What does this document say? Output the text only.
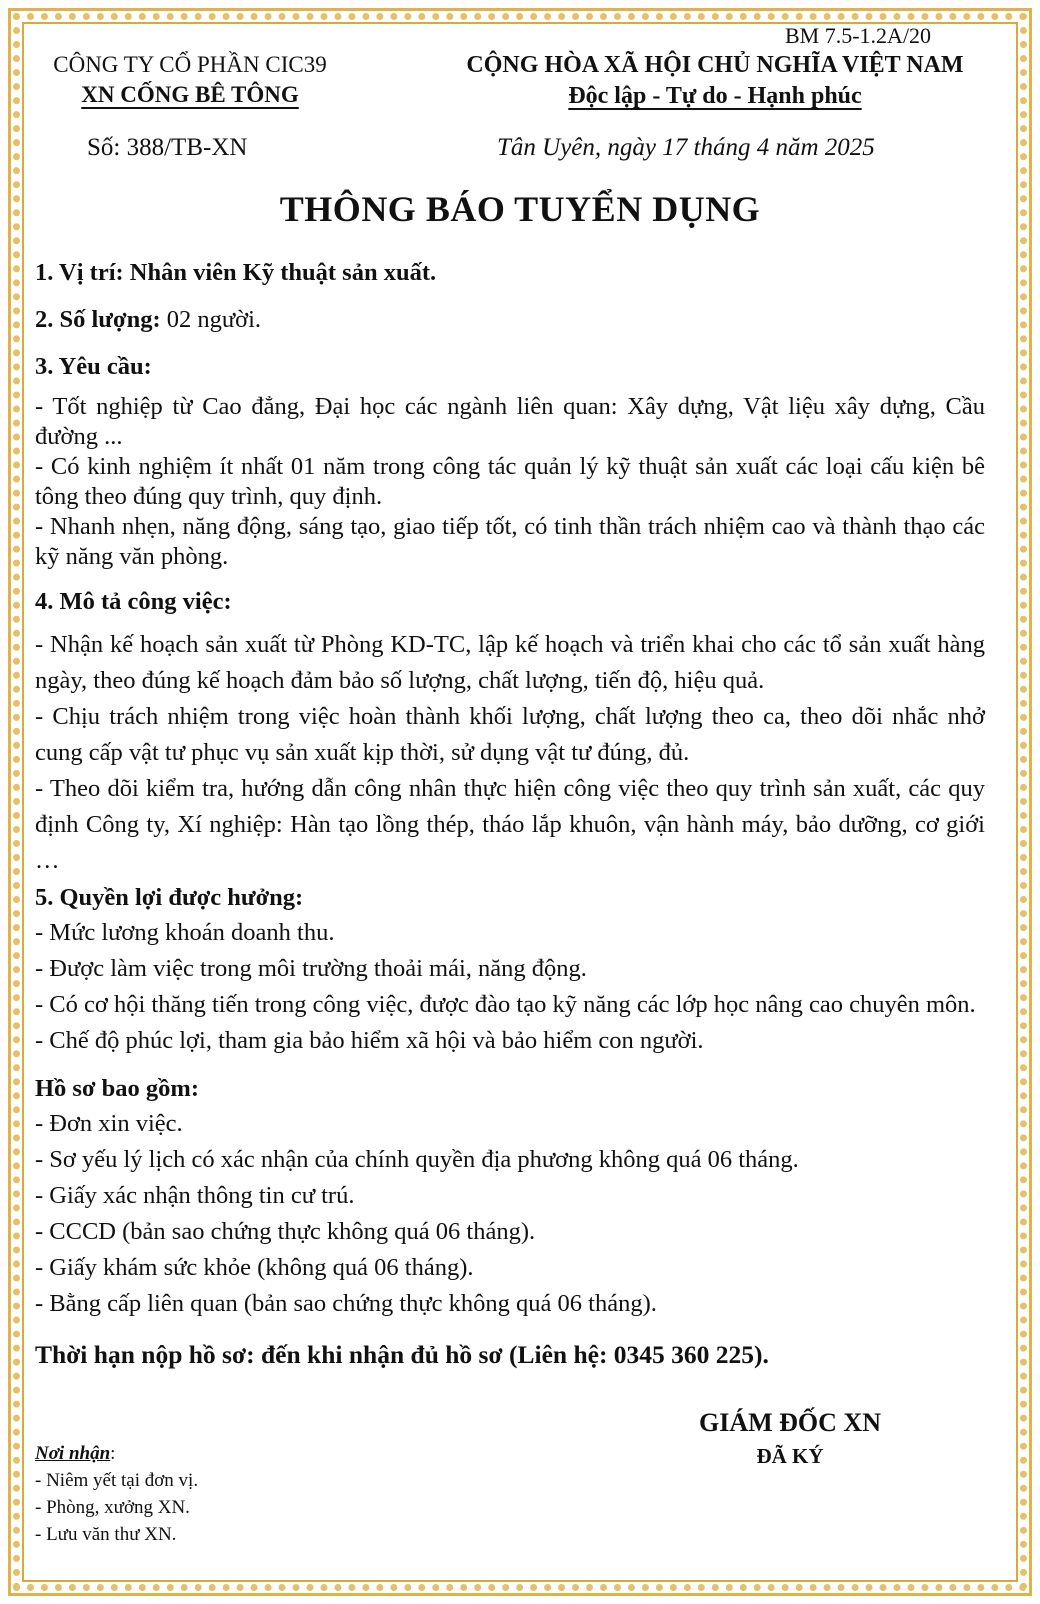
BM 7.5-1.2A/20
CÔNG TY CỔ PHẦN CIC39
XN CỐNG BÊ TÔNG
CỘNG HÒA XÃ HỘI CHỦ NGHĨA VIỆT NAM
Độc lập - Tự do - Hạnh phúc
Số: 388/TB-XN	Tân Uyên, ngày 17 tháng 4 năm 2025
THÔNG BÁO TUYỂN DỤNG

1. Vị trí: Nhân viên Kỹ thuật sản xuất.

2. Số lượng: 02 người.

3. Yêu cầu:

- Tốt nghiệp từ Cao đẳng, Đại học các ngành liên quan: Xây dựng, Vật liệu xây dựng, Cầu đường ...

- Có kinh nghiệm ít nhất 01 năm trong công tác quản lý kỹ thuật sản xuất các loại cấu kiện bê tông theo đúng quy trình, quy định.

- Nhanh nhẹn, năng động, sáng tạo, giao tiếp tốt, có tinh thần trách nhiệm cao và thành thạo các kỹ năng văn phòng.

4. Mô tả công việc:

- Nhận kế hoạch sản xuất từ Phòng KD-TC, lập kế hoạch và triển khai cho các tổ sản xuất hàng ngày, theo đúng kế hoạch đảm bảo số lượng, chất lượng, tiến độ, hiệu quả.

- Chịu trách nhiệm trong việc hoàn thành khối lượng, chất lượng theo ca, theo dõi nhắc nhở cung cấp vật tư phục vụ sản xuất kịp thời, sử dụng vật tư đúng, đủ.

- Theo dõi kiểm tra, hướng dẫn công nhân thực hiện công việc theo quy trình sản xuất, các quy định Công ty, Xí nghiệp: Hàn tạo lồng thép, tháo lắp khuôn, vận hành máy, bảo dưỡng, cơ giới …

5. Quyền lợi được hưởng:

- Mức lương khoán doanh thu.

- Được làm việc trong môi trường thoải mái, năng động.

- Có cơ hội thăng tiến trong công việc, được đào tạo kỹ năng các lớp học nâng cao chuyên môn.

- Chế độ phúc lợi, tham gia bảo hiểm xã hội và bảo hiểm con người.

Hồ sơ bao gồm:

- Đơn xin việc.

- Sơ yếu lý lịch có xác nhận của chính quyền địa phương không quá 06 tháng.

- Giấy xác nhận thông tin cư trú.

- CCCD (bản sao chứng thực không quá 06 tháng).

- Giấy khám sức khỏe (không quá 06 tháng).

- Bằng cấp liên quan (bản sao chứng thực không quá 06 tháng).

Thời hạn nộp hồ sơ: đến khi nhận đủ hồ sơ (Liên hệ: 0345 360 225).

GIÁM ĐỐC XN
ĐÃ KÝ
Nơi nhận:
- Niêm yết tại đơn vị.
- Phòng, xưởng XN.
- Lưu văn thư XN.
